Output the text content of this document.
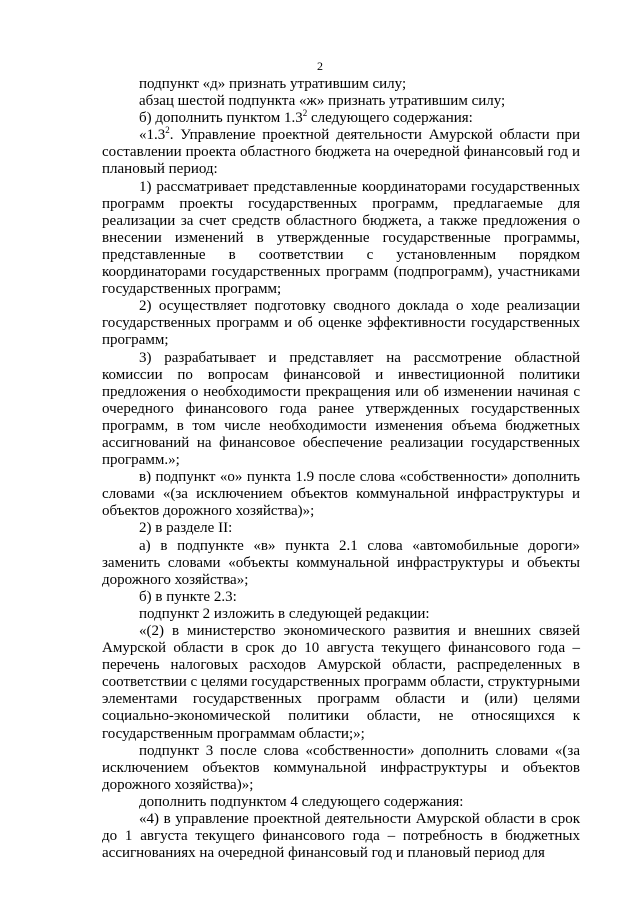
2

подпункт «д» признать утратившим силу;

абзац шестой подпункта «ж» признать утратившим силу;

б) дополнить пунктом $1.3^2$ следующего содержания:

«$1.3^2$. Управление проектной деятельности Амурской области при составлении проекта областного бюджета на очередной финансовый год и плановый период:

1) рассматривает представленные координаторами государственных программ проекты государственных программ, предлагаемые для реализации за счет средств областного бюджета, а также предложения о внесении изменений в утвержденные государственные программы, представленные в соответствии с установленным порядком координаторами государственных программ (подпрограмм), участниками государственных программ;

2) осуществляет подготовку сводного доклада о ходе реализации государственных программ и об оценке эффективности государственных программ;

3) разрабатывает и представляет на рассмотрение областной комиссии по вопросам финансовой и инвестиционной политики предложения о необходимости прекращения или об изменении начиная с очередного финансового года ранее утвержденных государственных программ, в том числе необходимости изменения объема бюджетных ассигнований на финансовое обеспечение реализации государственных программ.»;

в) подпункт «о» пункта 1.9 после слова «собственности» дополнить словами «(за исключением объектов коммунальной инфраструктуры и объектов дорожного хозяйства)»;

2) в разделе II:

а) в подпункте «в» пункта 2.1 слова «автомобильные дороги» заменить словами «объекты коммунальной инфраструктуры и объекты дорожного хозяйства»;

б) в пункте 2.3:

подпункт 2 изложить в следующей редакции:

«(2) в министерство экономического развития и внешних связей Амурской области в срок до 10 августа текущего финансового года – перечень налоговых расходов Амурской области, распределенных в соответствии с целями государственных программ области, структурными элементами государственных программ области и (или) целями социально-экономической политики области, не относящихся к государственным программам области;»;

подпункт 3 после слова «собственности» дополнить словами «(за исключением объектов коммунальной инфраструктуры и объектов дорожного хозяйства)»;

дополнить подпунктом 4 следующего содержания:

«4) в управление проектной деятельности Амурской области в срок до 1 августа текущего финансового года – потребность в бюджетных ассигнованиях на очередной финансовый год и плановый период для
